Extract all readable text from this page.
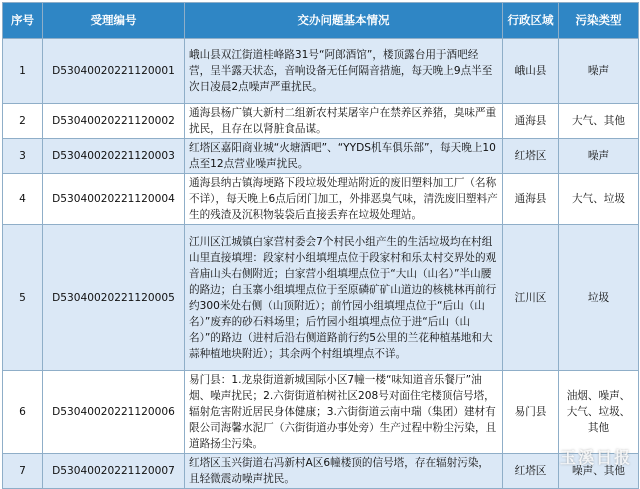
序号	受理编号	交办问题基本情况	行政区域	污染类型
1	D5304002022112000​1	峨山县双江街道桂峰路31号“阿郎酒馆”，楼顶露台用于酒吧经营，呈半露天状态，音响设备无任何隔音措施，每天晚上9点半至次日凌晨2点噪声严重扰民。	峨山县	噪声
2	D53040020221120002	通海县杨广镇大新村二组新农村某屠宰户在禁养区养猪，臭味严重扰民，且存在以肾脏食品谋。	通海县	大气、其他
3	D53040020221120003	红塔区嘉阳商业城“火塘酒吧”、“YYDS机车俱乐部”，每天晚上10点至12点营业噪声扰民。	红塔区	噪声
4	D53040020221120004	通海县纳古镇海埂路下段垃圾处理站附近的废旧塑料加工厂（名称不详），每天晚上6点后闭门加工，外排恶臭气味，清洗废旧塑料产生的残渣及沉积物装袋后直接丢弃在垃圾处理站。	通海县	大气、垃圾
5	D53040020221120005	江川区江城镇白家营村委会7个村民小组产生的生活垃圾均在村组山里直接填埋：段家村小组填埋点位于段家村和乐太村交界处的观音庙山头右侧附近；白家营小组填埋点位于“大山（山名）”半山腰的路边；白玉寨小组填埋点位于至原磷矿矿山道边的核桃林再前行约300米处右侧（山顶附近）；前竹园小组填埋点位于“后山（山名）”废弃的砂石料场里；后竹园小组填埋点位于进“后山（山名）”的路边（进村后沿右侧道路前行约5公里的兰花种植基地和大蒜种植地块附近）；其余两个村组填埋点不详。	江川区	垃圾
6	D53040020221120006	易门县：1.龙泉街道新城国际小区7幢一楼“味知道音乐餐厅”油烟、噪声扰民；2.六街街道柏树社区208号对面住宅楼顶信号塔，辐射危害附近居民身体健康；3.六街街道云南中瑞（集团）建材有限公司海馨水泥厂（六街街道办事处旁）生产过程中粉尘污染，且道路扬尘污染。	易门县	油烟、噪声、大气、垃圾、其他
7	D53040020221120007	红塔区玉兴街道右冯新村A区6幢楼顶的信号塔，存在辐射污染，且轻微震动噪声扰民。	红塔区	噪声、其他
玉溪日报
